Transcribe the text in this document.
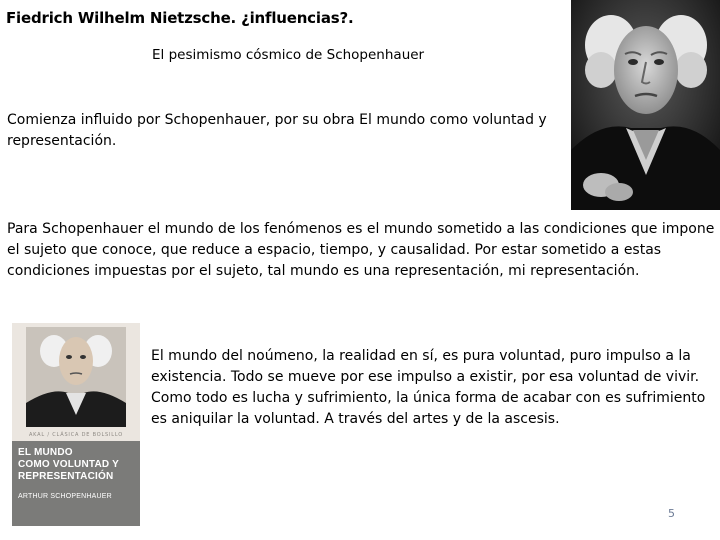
Fiedrich Wilhelm Nietzsche. ¿influencias?.
El pesimismo cósmico de Schopenhauer
Comienza influido por Schopenhauer, por su obra El mundo como voluntad y representación.
Para Schopenhauer el mundo de los fenómenos es el mundo sometido a las condiciones que impone el sujeto que conoce, que reduce a espacio, tiempo, y causalidad. Por estar sometido a estas condiciones impuestas por el sujeto, tal mundo es una representación, mi representación.
AKAL / CLÁSICA DE BOLSILLO
EL MUNDO
COMO VOLUNTAD Y
REPRESENTACIÓN
ARTHUR SCHOPENHAUER
El mundo del noúmeno, la realidad en sí, es pura voluntad, puro impulso a la existencia. Todo se mueve por ese impulso a existir, por esa voluntad de vivir. Como todo es lucha y sufrimiento, la única forma de acabar con es sufrimiento es aniquilar la voluntad. A través del artes y de la ascesis.
5
